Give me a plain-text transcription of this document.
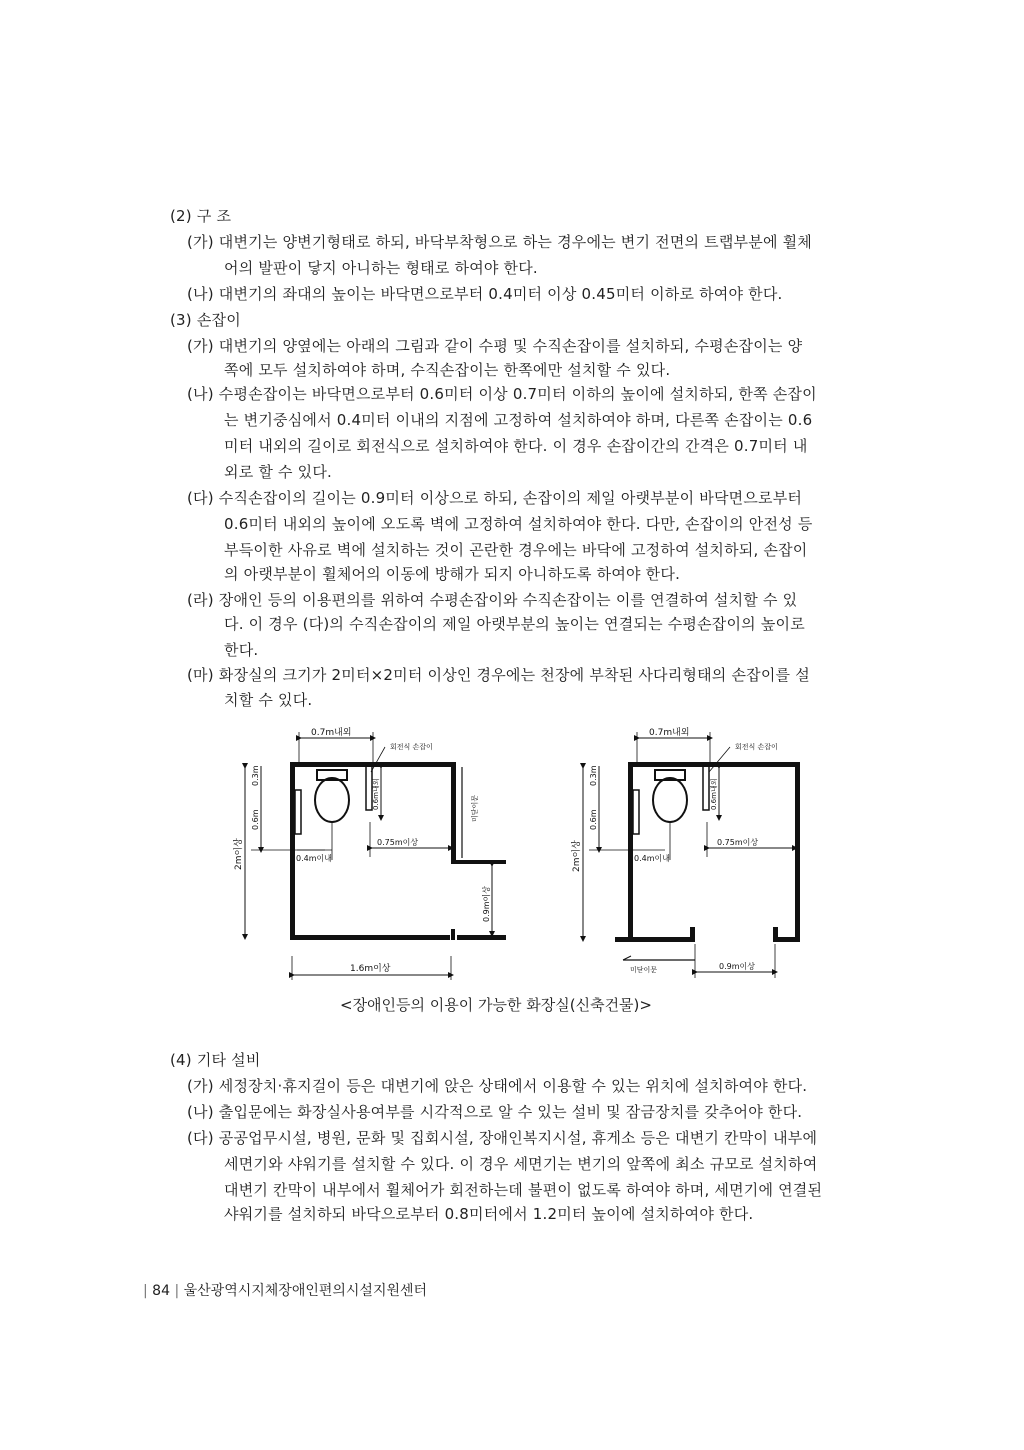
(2) 구 조
(가) 대변기는 양변기형태로 하되, 바닥부착형으로 하는 경우에는 변기 전면의 트랩부분에 휠체
어의 발판이 닿지 아니하는 형태로 하여야 한다.
(나) 대변기의 좌대의 높이는 바닥면으로부터 0.4미터 이상 0.45미터 이하로 하여야 한다.
(3) 손잡이
(가) 대변기의 양옆에는 아래의 그림과 같이 수평 및 수직손잡이를 설치하되, 수평손잡이는 양
쪽에 모두 설치하여야 하며, 수직손잡이는 한쪽에만 설치할 수 있다.
(나) 수평손잡이는 바닥면으로부터 0.6미터 이상 0.7미터 이하의 높이에 설치하되, 한쪽 손잡이
는 변기중심에서 0.4미터 이내의 지점에 고정하여 설치하여야 하며, 다른쪽 손잡이는 0.6
미터 내외의 길이로 회전식으로 설치하여야 한다. 이 경우 손잡이간의 간격은 0.7미터 내
외로 할 수 있다.
(다) 수직손잡이의 길이는 0.9미터 이상으로 하되, 손잡이의 제일 아랫부분이 바닥면으로부터
0.6미터 내외의 높이에 오도록 벽에 고정하여 설치하여야 한다. 다만, 손잡이의 안전성 등
부득이한 사유로 벽에 설치하는 것이 곤란한 경우에는 바닥에 고정하여 설치하되, 손잡이
의 아랫부분이 휠체어의 이동에 방해가 되지 아니하도록 하여야 한다.
(라) 장애인 등의 이용편의를 위하여 수평손잡이와 수직손잡이는 이를 연결하여 설치할 수 있
다. 이 경우 (다)의 수직손잡이의 제일 아랫부분의 높이는 연결되는 수평손잡이의 높이로
한다.
(마) 화장실의 크기가 2미터×2미터 이상인 경우에는 천장에 부착된 사다리형태의 손잡이를 설
치할 수 있다.
0.7m내외
회전식 손잡이
2m이상
0.3m
0.6m
0.6m내외
0.75m이상
0.4m이내
미닫이문
0.9m이상
1.6m이상
0.7m내외
회전식 손잡이
2m이상
0.3m
0.6m
0.6m내외
0.75m이상
0.4m이내
미닫이문	0.9m이상
<장애인등의 이용이 가능한 화장실(신축건물)>
(4) 기타 설비
(가) 세정장치·휴지걸이 등은 대변기에 앉은 상태에서 이용할 수 있는 위치에 설치하여야 한다.
(나) 출입문에는 화장실사용여부를 시각적으로 알 수 있는 설비 및 잠금장치를 갖추어야 한다.
(다) 공공업무시설, 병원, 문화 및 집회시설, 장애인복지시설, 휴게소 등은 대변기 칸막이 내부에
세면기와 샤워기를 설치할 수 있다. 이 경우 세면기는 변기의 앞쪽에 최소 규모로 설치하여
대변기 칸막이 내부에서 휠체어가 회전하는데 불편이 없도록 하여야 하며, 세면기에 연결된
샤워기를 설치하되 바닥으로부터 0.8미터에서 1.2미터 높이에 설치하여야 한다.
| 84 | 울산광역시지체장애인편의시설지원센터
